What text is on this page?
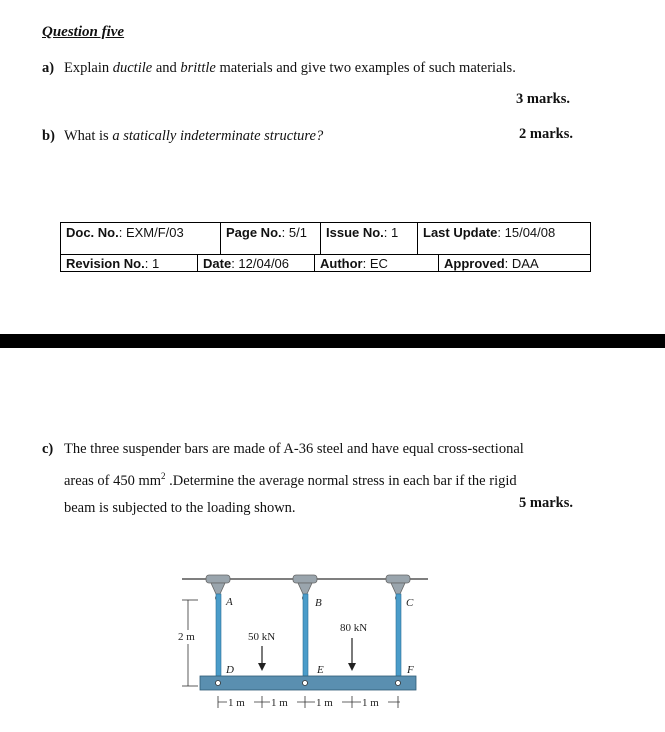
Question five
a) Explain ductile and brittle materials and give two examples of such materials.
3 marks.
b) What is a statically indeterminate structure?	2 marks.
Doc. No. : EXM/F/03	Page No. : 5/1 Issue No. : 1 Last Update : 15/04/08
Revision No. : 1	Date : 12/04/06 Author : EC	Approved : DAA
c) The three suspender bars are made of A-36 steel and have equal cross-sectional
areas of 450 $mm^2$ .Determine the average normal stress in each bar if the rigid
beam is subjected to the loading shown.	5 marks.
A	B	C
D	E	F
2 m	50 kN
80 kN
1 m 1 m	1 m	1 m
